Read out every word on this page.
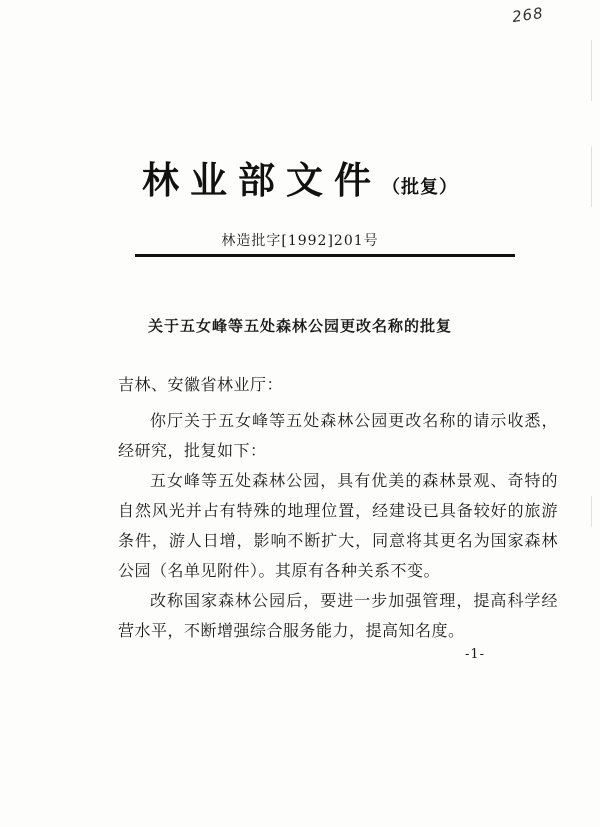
268
林业部文件（批复）
林造批字[1992]201号
关于五女峰等五处森林公园更改名称的批复

吉林、安徽省林业厅：

你厅关于五女峰等五处森林公园更改名称的请示收悉，经研究，批复如下：

五女峰等五处森林公园，具有优美的森林景观、奇特的自然风光并占有特殊的地理位置，经建设已具备较好的旅游条件，游人日增，影响不断扩大，同意将其更名为国家森林公园（名单见附件）。其原有各种关系不变。

改称国家森林公园后，要进一步加强管理，提高科学经营水平，不断增强综合服务能力，提高知名度。

-1-
